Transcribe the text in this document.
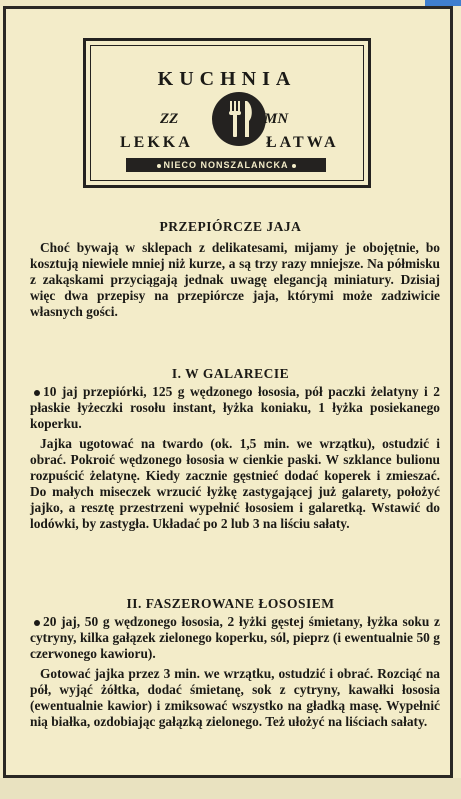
KUCHNIA
ZZ	MN
LEKKA	ŁATWA
NIECO NONSZALANCKA
PRZEPIÓRCZE JAJA

Choć bywają w sklepach z delikatesami, mijamy je obojętnie, bo kosztują niewiele mniej niż kurze, a są trzy razy mniejsze. Na półmisku z zakąskami przyciągają jednak uwagę elegancją miniatury. Dzisiaj więc dwa przepisy na przepiórcze jaja, którymi może zadziwicie własnych gości.

I. W GALARECIE

10 jaj przepiórki, 125 g wędzonego łososia, pół paczki żelatyny i 2 płaskie łyżeczki rosołu instant, łyżka koniaku, 1 łyżka posiekanego koperku.

Jajka ugotować na twardo (ok. 1,5 min. we wrzątku), ostudzić i obrać. Pokroić wędzonego łososia w cienkie paski. W szklance bulionu rozpuścić żelatynę. Kiedy zacznie gęstnieć dodać koperek i zmieszać. Do małych miseczek wrzucić łyżkę zastygającej już galarety, położyć jajko, a resztę przestrzeni wypełnić łososiem i galaretką. Wstawić do lodówki, by zastygła. Układać po 2 lub 3 na liściu sałaty.

II. FASZEROWANE ŁOSOSIEM

20 jaj, 50 g wędzonego łososia, 2 łyżki gęstej śmietany, łyżka soku z cytryny, kilka gałązek zielonego koperku, sól, pieprz (i ewentualnie 50 g czerwonego kawioru).

Gotować jajka przez 3 min. we wrzątku, ostudzić i obrać. Rozciąć na pół, wyjąć żółtka, dodać śmietanę, sok z cytryny, kawałki łososia (ewentualnie kawior) i zmiksować wszystko na gładką masę. Wypełnić nią białka, ozdobiając gałązką zielonego. Też ułożyć na liściach sałaty.
